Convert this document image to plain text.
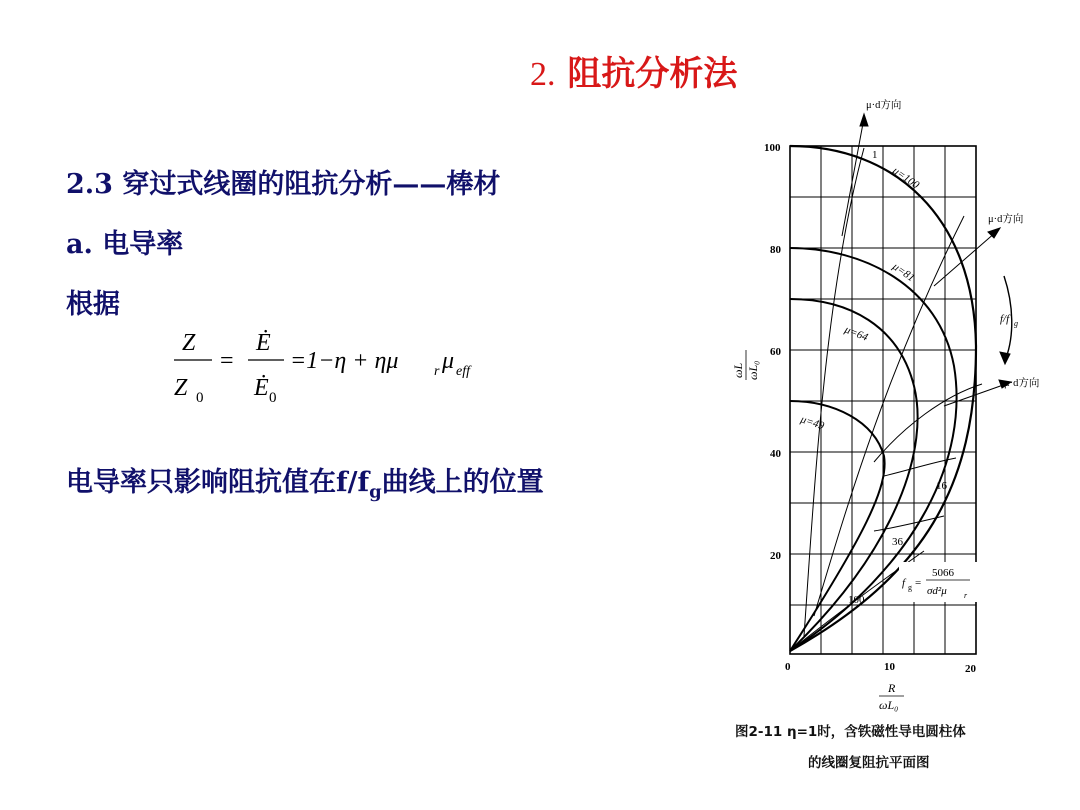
2. 阻抗分析法
2.3 穿过式线圈的阻抗分析——棒材
a. 电导率
根据
Z
Z 0
=
Ė
Ė 0
=1−η + ημ	r μ eff
电导率只影响阻抗值在$f/f_g$曲线上的位置
100
80
60
40
20
0	10	20
ωL ωL₀
R
ωL₀
μ·d方向
μ·d方向
μ·d方向
f/f g
μ=100
μ=81
μ=64
μ=49
1
16
36
100
f g =
5066
σd²μ r
图2-11 η=1时，含铁磁性导电圆柱体
的线圈复阻抗平面图
